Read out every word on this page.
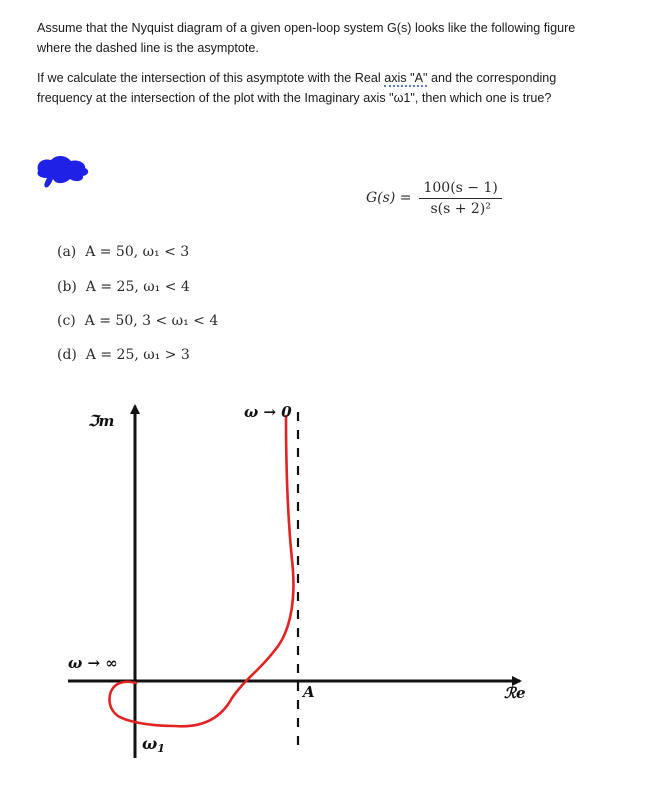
Assume that the Nyquist diagram of a given open-loop system G(s) looks like the following figure
where the dashed line is the asymptote.
If we calculate the intersection of this asymptote with the Real axis "A" and the corresponding
frequency at the intersection of the plot with the Imaginary axis "ω1", then which one is true?
$G(s) = \frac{100(s - 1)}{\text{s(s + 2)²}}$
(a) A = 50, ω₁ < 3
(b) A = 25, ω₁ < 4
(c) A = 50, 3 < ω₁ < 4
(d) A = 25, ω₁ > 3
ℑm	ω → 0
ω → ∞
A	ℛe
ω1
